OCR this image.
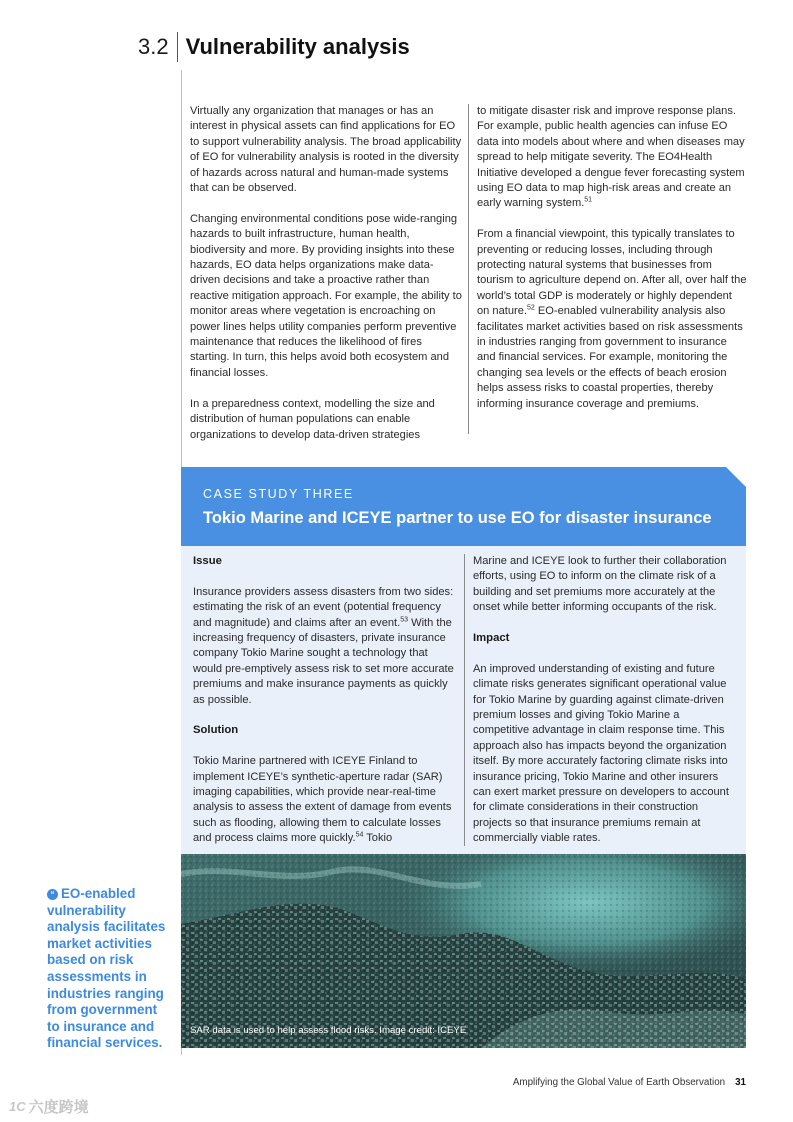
3.2 Vulnerability analysis

Virtually any organization that manages or has an interest in physical assets can find applications for EO to support vulnerability analysis. The broad applicability of EO for vulnerability analysis is rooted in the diversity of hazards across natural and human-made systems that can be observed.

Changing environmental conditions pose wide-ranging hazards to built infrastructure, human health, biodiversity and more. By providing insights into these hazards, EO data helps organizations make data-driven decisions and take a proactive rather than reactive mitigation approach. For example, the ability to monitor areas where vegetation is encroaching on power lines helps utility companies perform preventive maintenance that reduces the likelihood of fires starting. In turn, this helps avoid both ecosystem and financial losses.

In a preparedness context, modelling the size and distribution of human populations can enable organizations to develop data-driven strategies

to mitigate disaster risk and improve response plans. For example, public health agencies can infuse EO data into models about where and when diseases may spread to help mitigate severity. The EO4Health Initiative developed a dengue fever forecasting system using EO data to map high-risk areas and create an early warning system.$^{51}$

From a financial viewpoint, this typically translates to preventing or reducing losses, including through protecting natural systems that businesses from tourism to agriculture depend on. After all, over half the world’s total GDP is moderately or highly dependent on nature.$^{52}$ EO-enabled vulnerability analysis also facilitates market activities based on risk assessments in industries ranging from government to insurance and financial services. For example, monitoring the changing sea levels or the effects of beach erosion helps assess risks to coastal properties, thereby informing insurance coverage and premiums.

CASE STUDY THREE
Tokio Marine and ICEYE partner to use EO for disaster insurance
Issue

Insurance providers assess disasters from two sides: estimating the risk of an event (potential frequency and magnitude) and claims after an event.$^{53}$ With the increasing frequency of disasters, private insurance company Tokio Marine sought a technology that would pre-emptively assess risk to set more accurate premiums and make insurance payments as quickly as possible.

Solution

Tokio Marine partnered with ICEYE Finland to implement ICEYE’s synthetic-aperture radar (SAR) imaging capabilities, which provide near-real-time analysis to assess the extent of damage from events such as flooding, allowing them to calculate losses and process claims more quickly.$^{54}$ Tokio

Marine and ICEYE look to further their collaboration efforts, using EO to inform on the climate risk of a building and set premiums more accurately at the onset while better informing occupants of the risk.

Impact

An improved understanding of existing and future climate risks generates significant operational value for Tokio Marine by guarding against climate-driven premium losses and giving Tokio Marine a competitive advantage in claim response time. This approach also has impacts beyond the organization itself. By more accurately factoring climate risks into insurance pricing, Tokio Marine and other insurers can exert market pressure on developers to account for climate considerations in their construction projects so that insurance premiums remain at commercially viable rates.

SAR data is used to help assess flood risks. Image credit: ICEYE
“ EO-enabled vulnerability analysis facilitates market activities based on risk assessments in industries ranging from government to insurance and financial services.
Amplifying the Global Value of Earth Observation 31
1C 六度跨境
